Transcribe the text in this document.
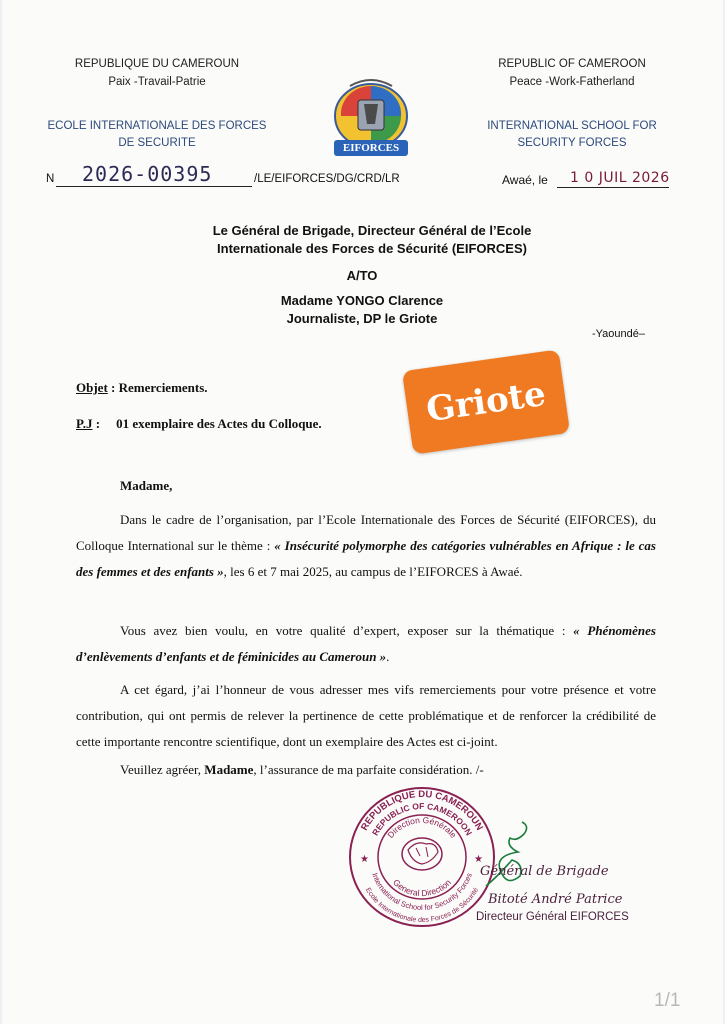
REPUBLIQUE DU CAMEROUN
Paix -Travail-Patrie
ECOLE INTERNATIONALE DES FORCES
DE SECURITE
REPUBLIC OF CAMEROON
Peace -Work-Fatherland
INTERNATIONAL SCHOOL FOR
SECURITY FORCES
EIFORCES
N 2026-00395	/LE/EIFORCES/DG/CRD/LR	Awaé, le 1 0 JUIL 2026
Le Général de Brigade, Directeur Général de l’Ecole
Internationale des Forces de Sécurité (EIFORCES)
A/TO
Madame YONGO Clarence
Journaliste, DP le Griote
-Yaoundé–
Objet : Remerciements.
P.J : 01 exemplaire des Actes du Colloque.	Griote
Madame,
Dans le cadre de l’organisation, par l’Ecole Internationale des Forces de Sécurité (EIFORCES), du Colloque International sur le thème : « Insécurité polymorphe des catégories vulnérables en Afrique : le cas des femmes et des enfants », les 6 et 7 mai 2025, au campus de l’EIFORCES à Awaé.
Vous avez bien voulu, en votre qualité d’expert, exposer sur la thématique : « Phénomènes d’enlèvements d’enfants et de féminicides au Cameroun ».
A cet égard, j’ai l’honneur de vous adresser mes vifs remerciements pour votre présence et votre contribution, qui ont permis de relever la pertinence de cette problématique et de renforcer la crédibilité de cette importante rencontre scientifique, dont un exemplaire des Actes est ci-joint.
Veuillez agréer, Madame, l’assurance de ma parfaite considération. /-
REPUBLIQUE DU CAMEROUN
REPUBLIC OF CAMEROON
Direction Générale
Ecole Internationale des Forces de Sécurité
International School for Security Forces
General Direction
★	★
Général de Brigade
Bitoté André Patrice
Directeur Général EIFORCES
1/1
